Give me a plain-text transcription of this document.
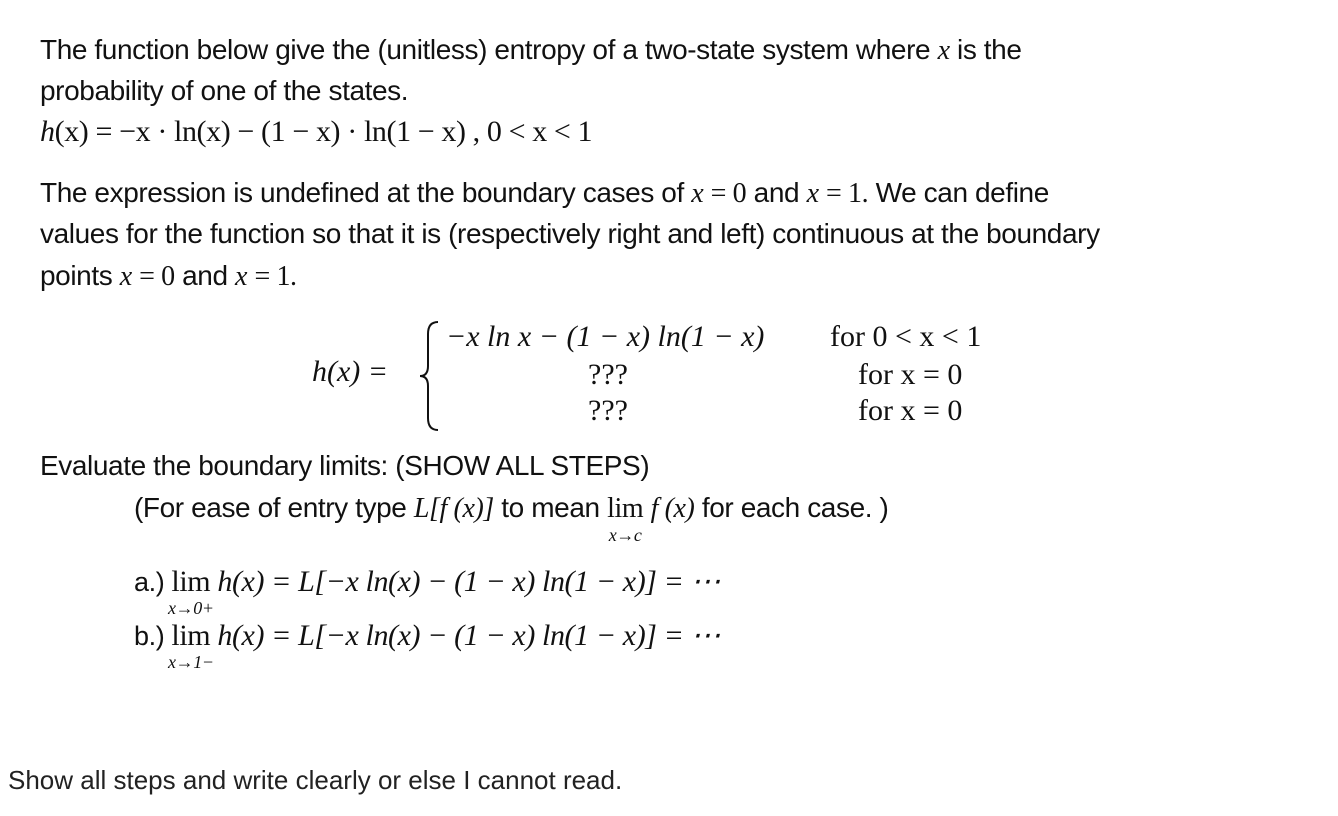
The function below give the (unitless) entropy of a two-state system where x is the
probability of one of the states.
h(x) = −x · ln(x) − (1 − x) · ln(1 − x) , 0 < x < 1
The expression is undefined at the boundary cases of x = 0 and x = 1. We can define
values for the function so that it is (respectively right and left) continuous at the boundary
points x = 0 and x = 1.
h(x) =
−x ln x − (1 − x) ln(1 − x) for 0 < x < 1
???	for x = 0
???	for x = 0
Evaluate the boundary limits: (SHOW ALL STEPS)
(For ease of entry type L[f (x)] to mean lim
x→c
f (x) for each case. )
a.) lim
x→0+
h(x) = L[−x ln(x) − (1 − x) ln(1 − x)] = ⋯
b.) lim
x→1−
h(x) = L[−x ln(x) − (1 − x) ln(1 − x)] = ⋯
Show all steps and write clearly or else I cannot read.
